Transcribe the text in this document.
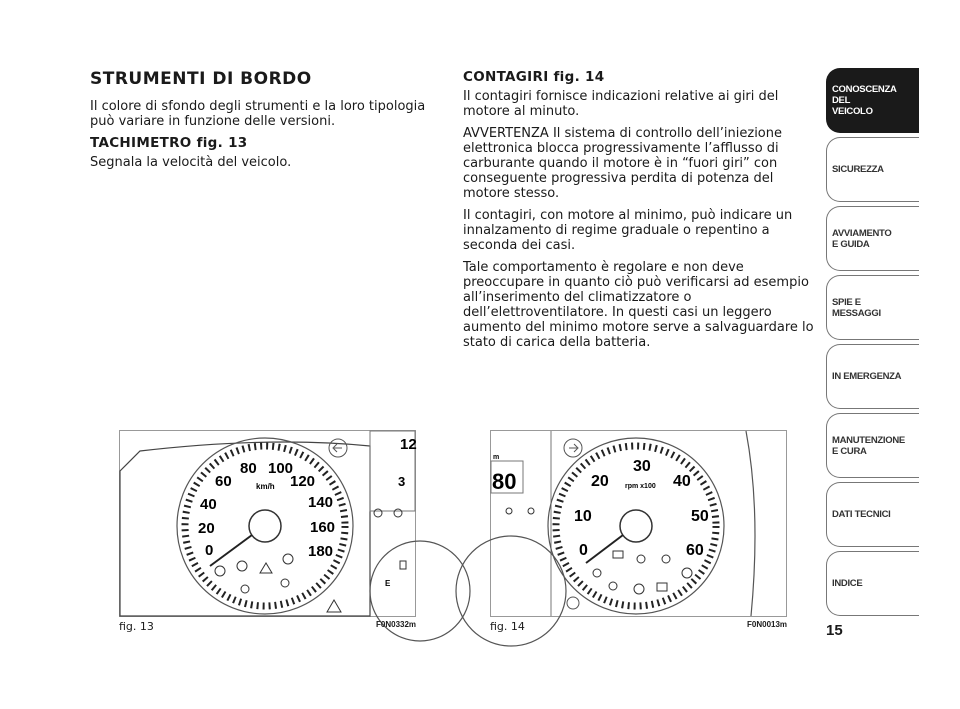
STRUMENTI DI BORDO

Il colore di sfondo degli strumenti e la loro tipologia può variare in funzione delle versioni.

TACHIMETRO fig. 13

Segnala la velocità del veicolo.

CONTAGIRI fig. 14

Il contagiri fornisce indicazioni relative ai giri del motore al minuto.

AVVERTENZA Il sistema di controllo dell’iniezione elettronica blocca progressivamente l’afflusso di carburante quando il motore è in “fuori giri” con conseguente progressiva perdita di potenza del motore stesso.

Il contagiri, con motore al minimo, può indicare un innalzamento di regime graduale o repentino a seconda dei casi.

Tale comportamento è regolare e non deve preoccupare in quanto ciò può verificarsi ad esempio all’inserimento del climatizzatore o dell’elettroventilatore. In questi casi un leggero aumento del minimo motore serve a salvaguardare lo stato di carica della batteria.

CONOSCENZA
DEL
VEICOLO
SICUREZZA
AVVIAMENTO
E GUIDA
SPIE E
MESSAGGI
IN EMERGENZA
MANUTENZIONE
E CURA
DATI TECNICI
INDICE
15
0
20
40
60
80 100
120
140
160
180
km/h
12
3
E
fig. 13	F0N0332m
80
m
0
10
20
30
40
50
60
rpm x100
fig. 14	F0N0013m
